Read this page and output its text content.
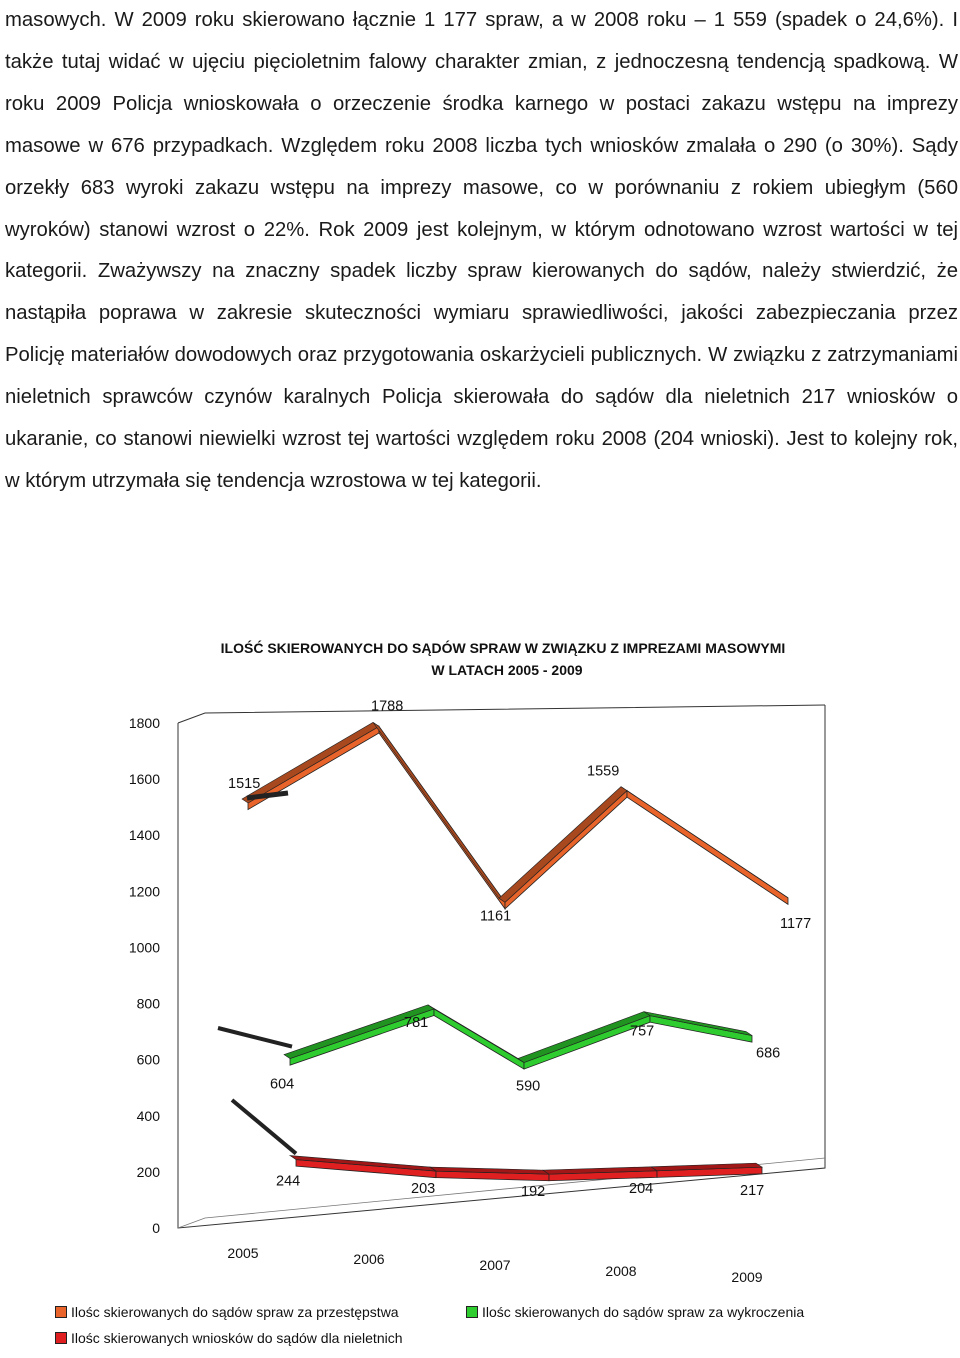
masowych. W 2009 roku skierowano łącznie 1 177 spraw, a w 2008 roku – 1 559 (spadek o 24,6%). I także tutaj widać w ujęciu pięcioletnim falowy charakter zmian, z jednoczesną tendencją spadkową. W roku 2009 Policja wnioskowała o orzeczenie środka karnego w postaci zakazu wstępu na imprezy masowe w 676 przypadkach. Względem roku 2008 liczba tych wniosków zmalała o 290 (o 30%). Sądy orzekły 683 wyroki zakazu wstępu na imprezy masowe, co w porównaniu z rokiem ubiegłym (560 wyroków) stanowi wzrost o 22%. Rok 2009 jest kolejnym, w którym odnotowano wzrost wartości w tej kategorii. Zważywszy na znaczny spadek liczby spraw kierowanych do sądów, należy stwierdzić, że nastąpiła poprawa w zakresie skuteczności wymiaru sprawiedliwości, jakości zabezpieczania przez Policję materiałów dowodowych oraz przygotowania oskarżycieli publicznych. W związku z zatrzymaniami nieletnich sprawców czynów karalnych Policja skierowała do sądów dla nieletnich 217 wniosków o ukaranie, co stanowi niewielki wzrost tej wartości względem roku 2008 (204 wnioski). Jest to kolejny rok, w którym utrzymała się tendencja wzrostowa w tej kategorii.

ILOŚĆ SKIEROWANYCH DO SĄDÓW SPRAW W ZWIĄZKU Z IMPREZAMI MASOWYMI
W LATACH 2005 - 2009
0
200
400
600
800
1000
1200
1400
1600
1800
2005	2006	2007	2008	2009
1515
1788
1161
1559
1177
604
781
590
757
686
244	203	192	204	217
Ilośc skierowanych do sądów spraw za przestępstwa	Ilośc skierowanych do sądów spraw za wykroczenia
Ilośc skierowanych wniosków do sądów dla nieletnich
